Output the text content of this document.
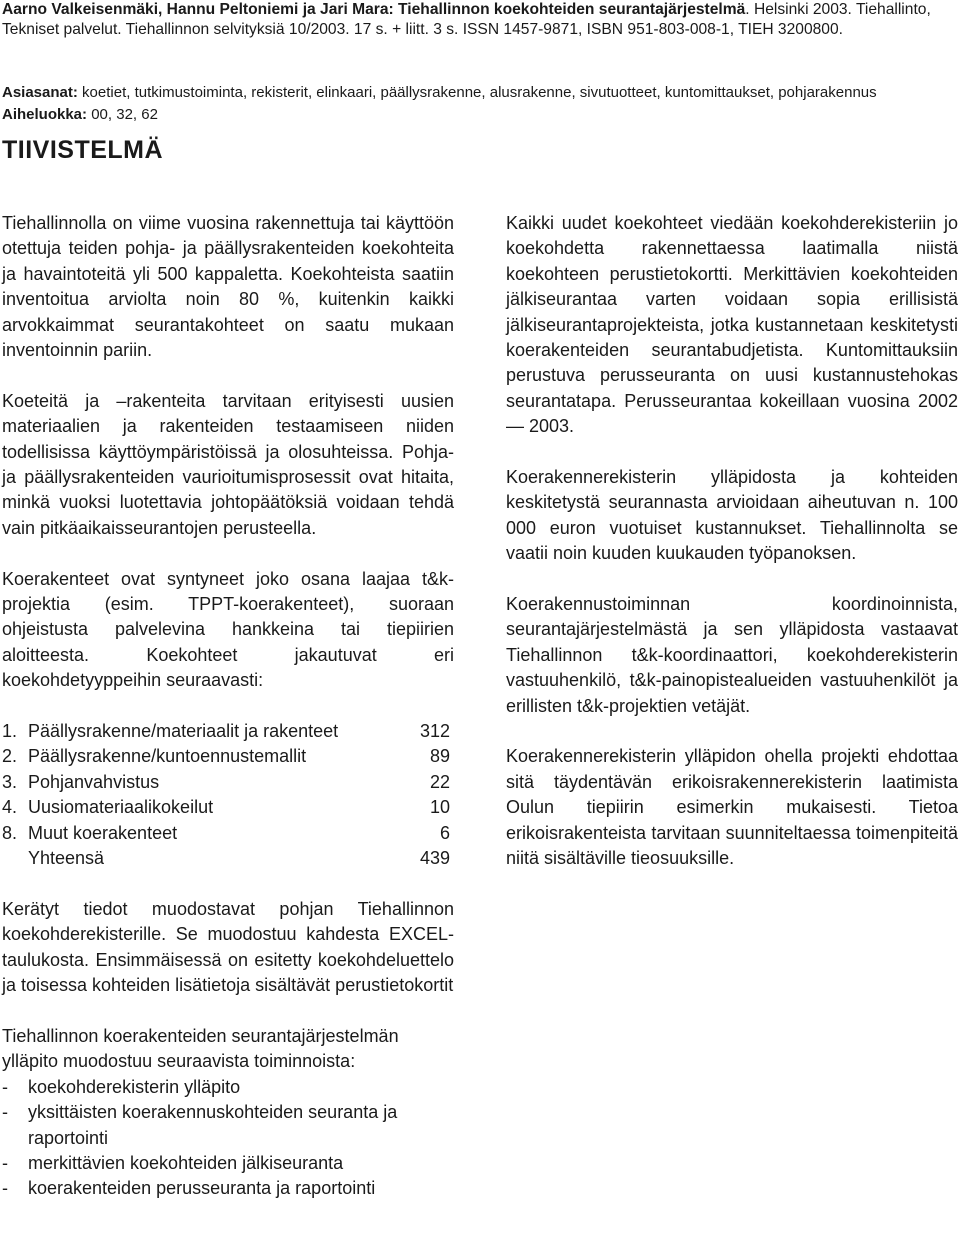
Aarno Valkeisenmäki, Hannu Peltoniemi ja Jari Mara: Tiehallinnon koekohteiden seurantajärjestelmä. Helsinki 2003. Tiehallinto, Tekniset palvelut. Tiehallinnon selvityksiä 10/2003. 17 s. + liitt. 3 s. ISSN 1457-9871, ISBN 951-803-008-1, TIEH 3200800.
Asiasanat: koetiet, tutkimustoiminta, rekisterit, elinkaari, päällysrakenne, alusrakenne, sivutuotteet, kuntomittaukset, pohjarakennus
Aiheluokka: 00, 32, 62
TIIVISTELMÄ

Tiehallinnolla on viime vuosina rakennettuja tai käyttöön otettuja teiden pohja- ja päällysrakenteiden koekohteita ja havaintoteitä yli 500 kappaletta. Koekohteista saatiin inventoitua arviolta noin 80 %, kuitenkin kaikki arvokkaimmat seurantakohteet on saatu mukaan inventoinnin pariin.

Koeteitä ja –rakenteita tarvitaan erityisesti uusien materiaalien ja rakenteiden testaamiseen niiden todellisissa käyttöympäristöissä ja olosuhteissa. Pohja- ja päällysrakenteiden vaurioitumisprosessit ovat hitaita, minkä vuoksi luotettavia johtopäätöksiä voidaan tehdä vain pitkäaikaisseurantojen perusteella.

Koerakenteet ovat syntyneet joko osana laajaa t&k-projektia (esim. TPPT-koerakenteet), suoraan ohjeistusta palvelevina hankkeina tai tiepiirien aloitteesta. Koekohteet jakautuvat eri koekohdetyyppeihin seuraavasti:

1.	Päällysrakenne/materiaalit ja rakenteet	312
2.	Päällysrakenne/kuntoennustemallit	89
3.	Pohjanvahvistus	22
4.	Uusiomateriaalikokeilut	10
8.	Muut koerakenteet	6
	Yhteensä	439

Kerätyt tiedot muodostavat pohjan Tiehallinnon koekohderekisterille. Se muodostuu kahdesta EXCEL-taulukosta. Ensimmäisessä on esitetty koekohdeluettelo ja toisessa kohteiden lisätietoja sisältävät perustietokortit

Tiehallinnon koerakenteiden seurantajärjestelmän ylläpito muodostuu seuraavista toiminnoista:
- koekohderekisterin ylläpito
- yksittäisten koerakennuskohteiden seuranta ja raportointi
- merkittävien koekohteiden jälkiseuranta
- koerakenteiden perusseuranta ja raportointi

Kaikki uudet koekohteet viedään koekohderekisteriin jo koekohdetta rakennettaessa laatimalla niistä koekohteen perustietokortti. Merkittävien koekohteiden jälkiseurantaa varten voidaan sopia erillisistä jälkiseurantaprojekteista, jotka kustannetaan keskitetysti koerakenteiden seurantabudjetista. Kuntomittauksiin perustuva perusseuranta on uusi kustannustehokas seurantatapa. Perusseurantaa kokeillaan vuosina 2002 — 2003.

Koerakennerekisterin ylläpidosta ja kohteiden keskitetystä seurannasta arvioidaan aiheutuvan n. 100 000 euron vuotuiset kustannukset. Tiehallinnolta se vaatii noin kuuden kuukauden työpanoksen.

Koerakennustoiminnan koordinoinnista, seurantajärjestelmästä ja sen ylläpidosta vastaavat Tiehallinnon t&k-koordinaattori, koekohderekisterin vastuuhenkilö, t&k-painopistealueiden vastuuhenkilöt ja erillisten t&k-projektien vetäjät.

Koerakennerekisterin ylläpidon ohella projekti ehdottaa sitä täydentävän erikoisrakennerekisterin laatimista Oulun tiepiirin esimerkin mukaisesti. Tietoa erikoisrakenteista tarvitaan suunniteltaessa toimenpiteitä niitä sisältäville tieosuuksille.
